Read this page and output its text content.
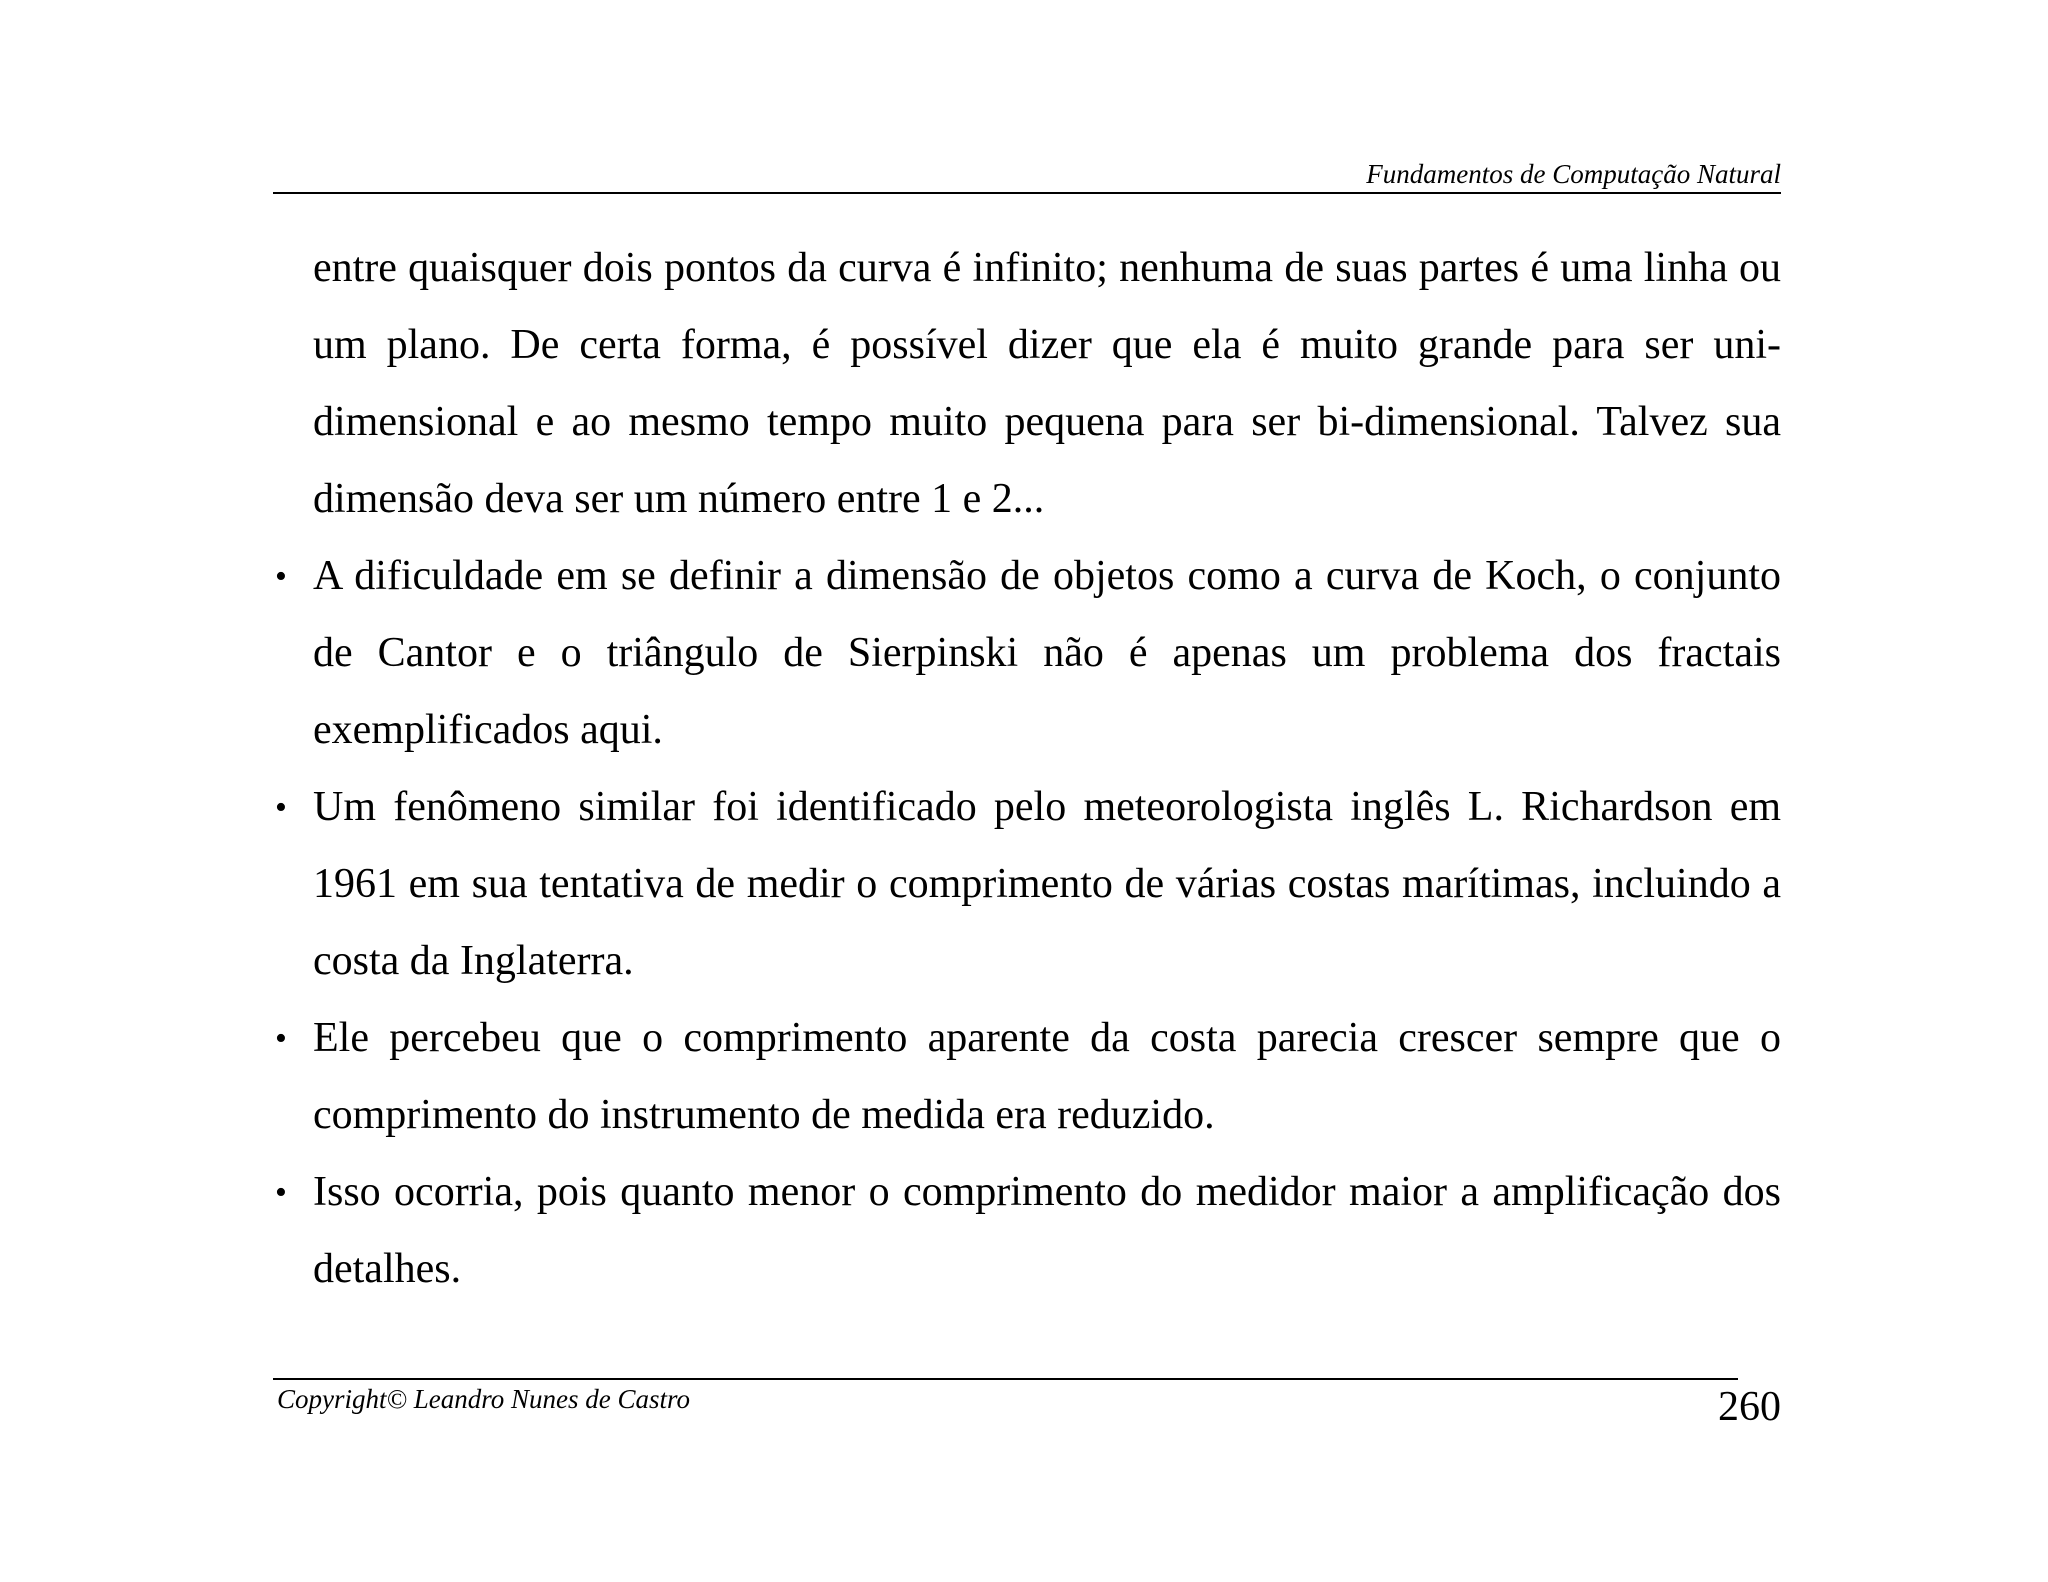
Fundamentos de Computação Natural

entre quaisquer dois pontos da curva é infinito; nenhuma de suas partes é uma linha ou um plano. De certa forma, é possível dizer que ela é muito grande para ser uni-dimensional e ao mesmo tempo muito pequena para ser bi-dimensional. Talvez sua dimensão deva ser um número entre 1 e 2...

• A dificuldade em se definir a dimensão de objetos como a curva de Koch, o conjunto de Cantor e o triângulo de Sierpinski não é apenas um problema dos fractais exemplificados aqui.
• Um fenômeno similar foi identificado pelo meteorologista inglês L. Richardson em 1961 em sua tentativa de medir o comprimento de várias costas marítimas, incluindo a costa da Inglaterra.
• Ele percebeu que o comprimento aparente da costa parecia crescer sempre que o comprimento do instrumento de medida era reduzido.
• Isso ocorria, pois quanto menor o comprimento do medidor maior a amplificação dos detalhes.
Copyright© Leandro Nunes de Castro	260
